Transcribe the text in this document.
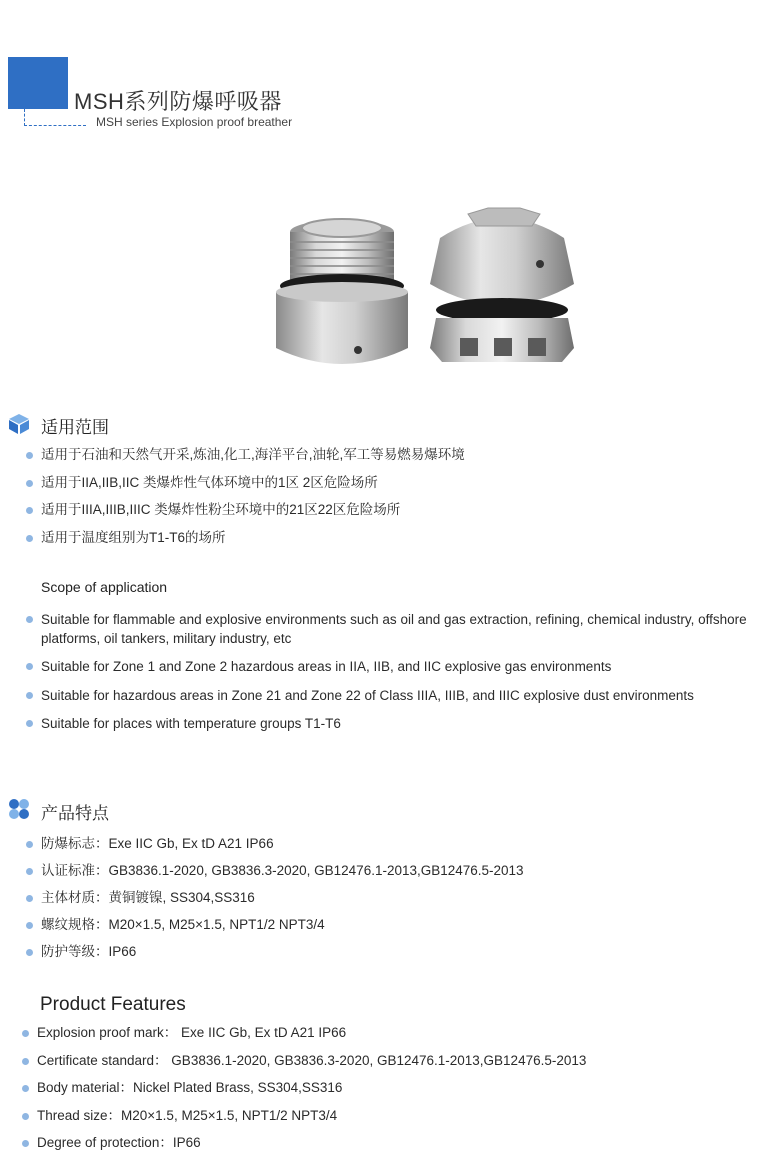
MSH系列防爆呼吸器
MSH series Explosion proof breather
适用范围
适用于石油和天然气开采,炼油,化工,海洋平台,油轮,军工等易燃易爆环境
适用于IIA,IIB,IIC 类爆炸性气体环境中的1区 2区危险场所
适用于IIIA,IIIB,IIIC 类爆炸性粉尘环境中的21区22区危险场所
适用于温度组别为T1-T6的场所
Scope of application
Suitable for flammable and explosive environments such as oil and gas extraction, refining, chemical industry, offshore platforms, oil tankers, military industry, etc
Suitable for Zone 1 and Zone 2 hazardous areas in IIA, IIB, and IIC explosive gas environments
Suitable for hazardous areas in Zone 21 and Zone 22 of Class IIIA, IIIB, and IIIC explosive dust environments
Suitable for places with temperature groups T1-T6
产品特点
防爆标志：Exe IIC Gb, Ex tD A21 IP66
认证标准：GB3836.1-2020, GB3836.3-2020, GB12476.1-2013,GB12476.5-2013
主体材质：黄铜镀镍, SS304,SS316
螺纹规格：M20×1.5, M25×1.5, NPT1/2 NPT3/4
防护等级：IP66
Product Features
Explosion proof mark： Exe IIC Gb, Ex tD A21 IP66
Certificate standard： GB3836.1-2020, GB3836.3-2020, GB12476.1-2013,GB12476.5-2013
Body material：Nickel Plated Brass, SS304,SS316
Thread size：M20×1.5, M25×1.5, NPT1/2 NPT3/4
Degree of protection：IP66
